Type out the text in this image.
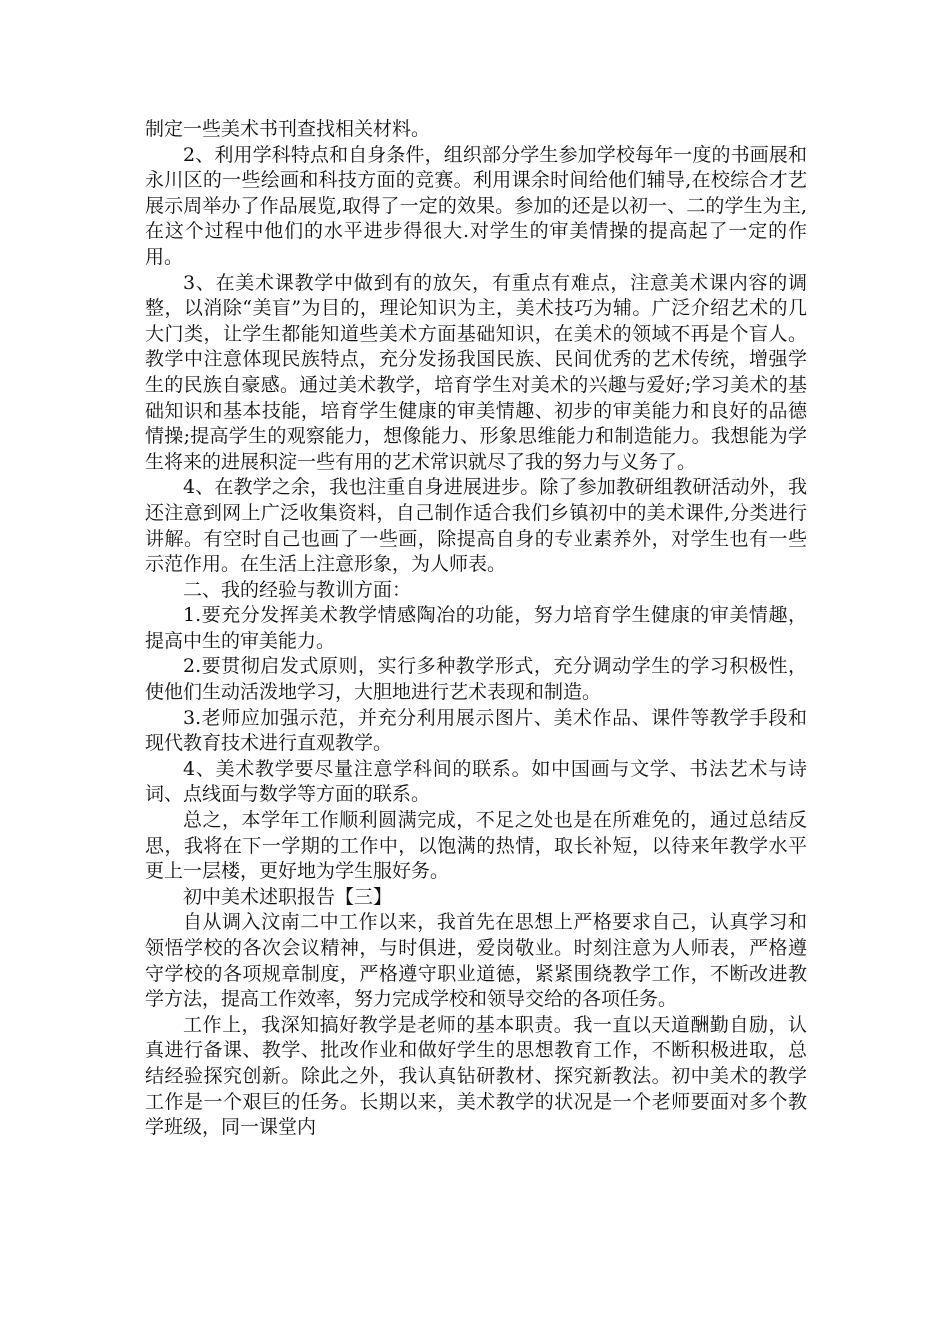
制定一些美术书刊查找相关材料。

2、利用学科特点和自身条件，组织部分学生参加学校每年一度的书画展和永川区的一些绘画和科技方面的竞赛。利用课余时间给他们辅导,在校综合才艺展示周举办了作品展览,取得了一定的效果。参加的还是以初一、二的学生为主,在这个过程中他们的水平进步得很大.对学生的审美情操的提高起了一定的作用。

3、在美术课教学中做到有的放矢，有重点有难点，注意美术课内容的调整，以消除“美盲”为目的，理论知识为主，美术技巧为辅。广泛介绍艺术的几大门类，让学生都能知道些美术方面基础知识，在美术的领域不再是个盲人。教学中注意体现民族特点，充分发扬我国民族、民间优秀的艺术传统，增强学生的民族自豪感。通过美术教学，培育学生对美术的兴趣与爱好;学习美术的基础知识和基本技能，培育学生健康的审美情趣、初步的审美能力和良好的品德情操;提高学生的观察能力，想像能力、形象思维能力和制造能力。我想能为学生将来的进展积淀一些有用的艺术常识就尽了我的努力与义务了。

4、在教学之余，我也注重自身进展进步。除了参加教研组教研活动外，我还注意到网上广泛收集资料，自己制作适合我们乡镇初中的美术课件,分类进行讲解。有空时自己也画了一些画，除提高自身的专业素养外，对学生也有一些示范作用。在生活上注意形象，为人师表。

二、我的经验与教训方面：

1.要充分发挥美术教学情感陶冶的功能，努力培育学生健康的审美情趣，提高中生的审美能力。

2.要贯彻启发式原则，实行多种教学形式，充分调动学生的学习积极性，使他们生动活泼地学习，大胆地进行艺术表现和制造。

3.老师应加强示范，并充分利用展示图片、美术作品、课件等教学手段和现代教育技术进行直观教学。

4、美术教学要尽量注意学科间的联系。如中国画与文学、书法艺术与诗词、点线面与数学等方面的联系。

总之，本学年工作顺利圆满完成，不足之处也是在所难免的，通过总结反思，我将在下一学期的工作中，以饱满的热情，取长补短，以待来年教学水平更上一层楼，更好地为学生服好务。

初中美术述职报告【三】

自从调入汶南二中工作以来，我首先在思想上严格要求自己，认真学习和领悟学校的各次会议精神，与时俱进，爱岗敬业。时刻注意为人师表，严格遵守学校的各项规章制度，严格遵守职业道德，紧紧围绕教学工作，不断改进教学方法，提高工作效率，努力完成学校和领导交给的各项任务。

工作上，我深知搞好教学是老师的基本职责。我一直以天道酬勤自励，认真进行备课、教学、批改作业和做好学生的思想教育工作，不断积极进取，总结经验探究创新。除此之外，我认真钻研教材、探究新教法。初中美术的教学工作是一个艰巨的任务。长期以来，美术教学的状况是一个老师要面对多个教学班级，同一课堂内
